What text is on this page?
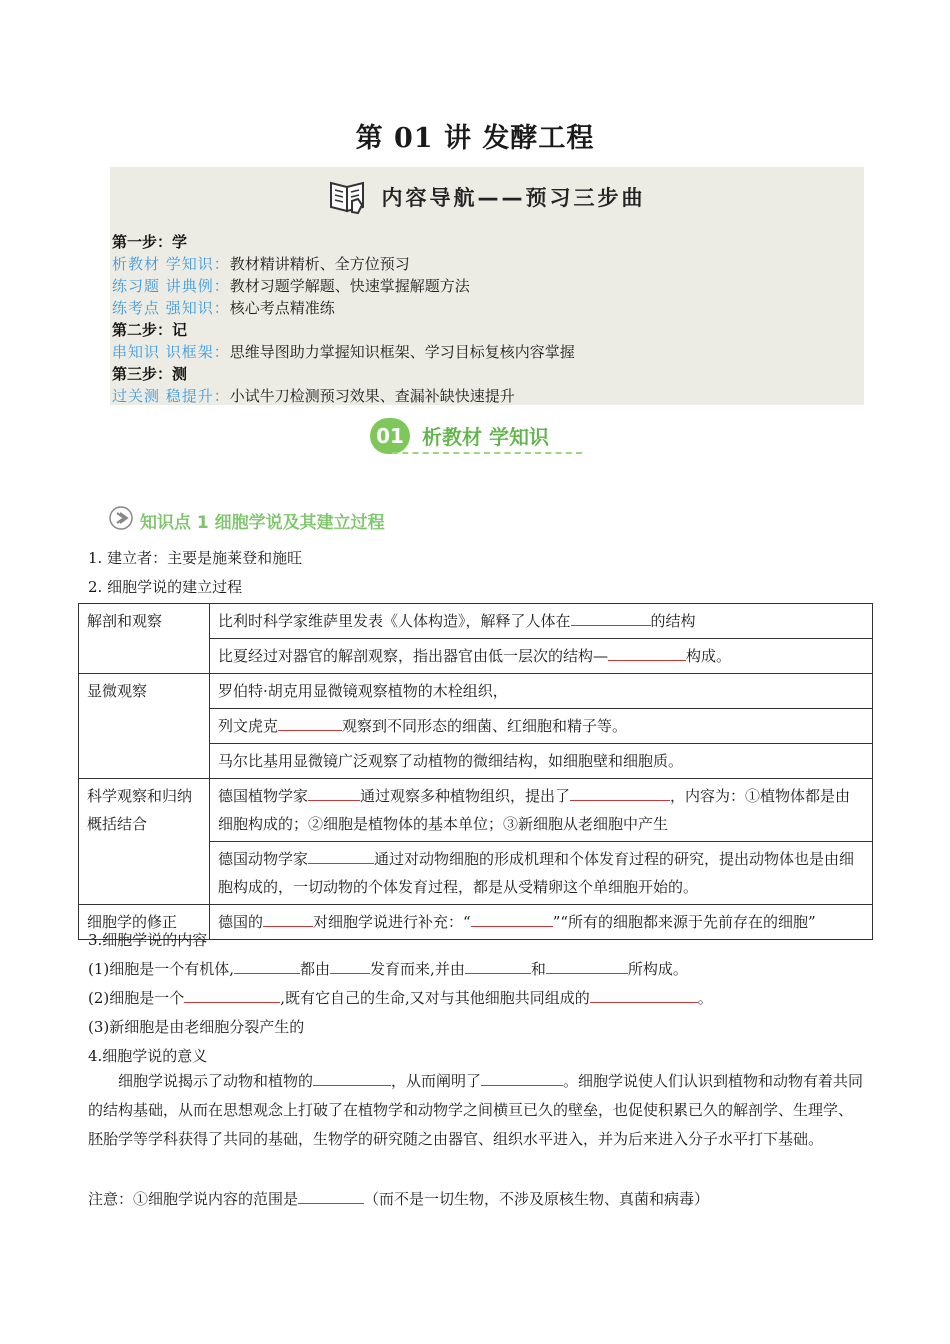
第 01 讲 发酵工程
内容导航——预习三步曲
第一步：学
析教材 学知识：教材精讲精析、全方位预习
练习题 讲典例：教材习题学解题、快速掌握解题方法
练考点 强知识：核心考点精准练
第二步：记
串知识 识框架：思维导图助力掌握知识框架、学习目标复核内容掌握
第三步：测
过关测 稳提升：小试牛刀检测预习效果、查漏补缺快速提升
01 析教材 学知识
知识点 1 细胞学说及其建立过程
1. 建立者：主要是施莱登和施旺
2. 细胞学说的建立过程
解剖和观察	比利时科学家维萨里发表《人体构造》，解释了人体在 的结构
	比夏经过对器官的解剖观察，指出器官由低一层次的结构— 构成。
显微观察	罗伯特·胡克用显微镜观察植物的木栓组织，
	列文虎克 观察到不同形态的细菌、红细胞和精子等。
	马尔比基用显微镜广泛观察了动植物的微细结构，如细胞壁和细胞质。
科学观察和归纳概括结合	德国植物学家 通过观察多种植物组织，提出了 ，内容为：①植物体都是由细胞构成的；②细胞是植物体的基本单位；③新细胞从老细胞中产生
	德国动物学家 通过对动物细胞的形成机理和个体发育过程的研究，提出动物体也是由细胞构成的，一切动物的个体发育过程，都是从受精卵这个单细胞开始的。
细胞学的修正	德国的 对细胞学说进行补充：“ ”“所有的细胞都来源于先前存在的细胞”
3.细胞学说的内容
(1)细胞是一个有机体,	都由	发育而来,并由	和	所构成。
(2)细胞是一个	,既有它自己的生命,又对与其他细胞共同组成的	。
(3)新细胞是由老细胞分裂产生的
4.细胞学说的意义
细胞学说揭示了动物和植物的	，从而阐明了	。细胞学说使人们认识到植物和动物有着共同的结构基础，从而在思想观念上打破了在植物学和动物学之间横亘已久的壁垒，也促使积累已久的解剖学、生理学、胚胎学等学科获得了共同的基础，生物学的研究随之由器官、组织水平进入，并为后来进入分子水平打下基础。
注意：①细胞学说内容的范围是	（而不是一切生物，不涉及原核生物、真菌和病毒）
